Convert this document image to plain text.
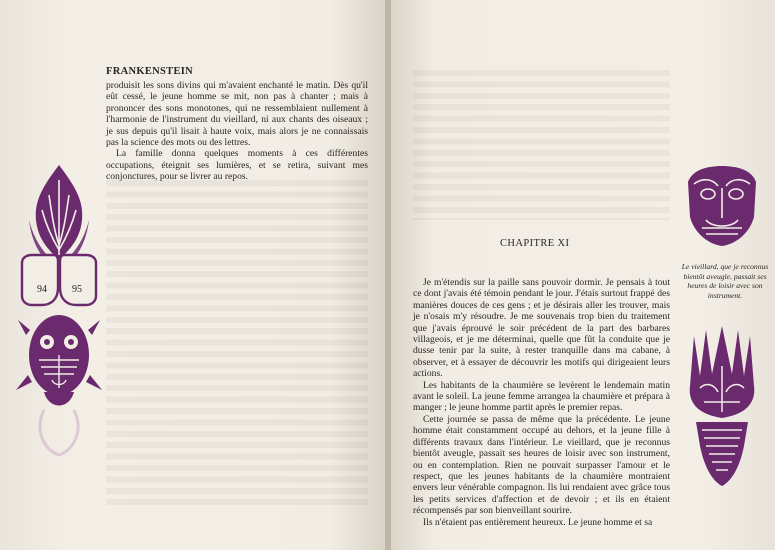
FRANKENSTEIN

produisit les sons divins qui m'avaient enchanté le matin. Dès qu'il eût cessé, le jeune homme se mit, non pas à chanter ; mais à prononcer des sons monotones, qui ne ressemblaient nullement à l'harmonie de l'instrument du vieillard, ni aux chants des oiseaux ; je sus depuis qu'il lisait à haute voix, mais alors je ne connaissais pas la science des mots ou des lettres.

La famille donna quelques moments à ces différentes occupations, éteignit ses lumières, et se retira, suivant mes conjonctures, pour se livrer au repos.

94	95
CHAPITRE XI

Je m'étendis sur la paille sans pouvoir dormir. Je pensais à tout ce dont j'avais été témoin pendant le jour. J'étais surtout frappé des manières douces de ces gens ; et je désirais aller les trouver, mais je n'osais m'y résoudre. Je me souvenais trop bien du traitement que j'avais éprouvé le soir précédent de la part des barbares villageois, et je me déterminai, quelle que fût la conduite que je dusse tenir par la suite, à rester tranquille dans ma cabane, à observer, et à essayer de découvrir les motifs qui dirigeaient leurs actions.

Les habitants de la chaumière se levèrent le lendemain matin avant le soleil. La jeune femme arrangea la chaumière et prépara à manger ; le jeune homme partit après le premier repas.

Cette journée se passa de même que la précédente. Le jeune homme était constamment occupé au dehors, et la jeune fille à différents travaux dans l'intérieur. Le vieillard, que je reconnus bientôt aveugle, passait ses heures de loisir avec son instrument, ou en contemplation. Rien ne pouvait surpasser l'amour et le respect, que les jeunes habitants de la chaumière montraient envers leur vénérable compagnon. Ils lui rendaient avec grâce tous les petits services d'affection et de devoir ; et ils en étaient récompensés par son bienveillant sourire.

Ils n'étaient pas entièrement heureux. Le jeune homme et sa

Le vieillard, que je reconnus bientôt aveugle, passait ses heures de loisir avec son instrument.
